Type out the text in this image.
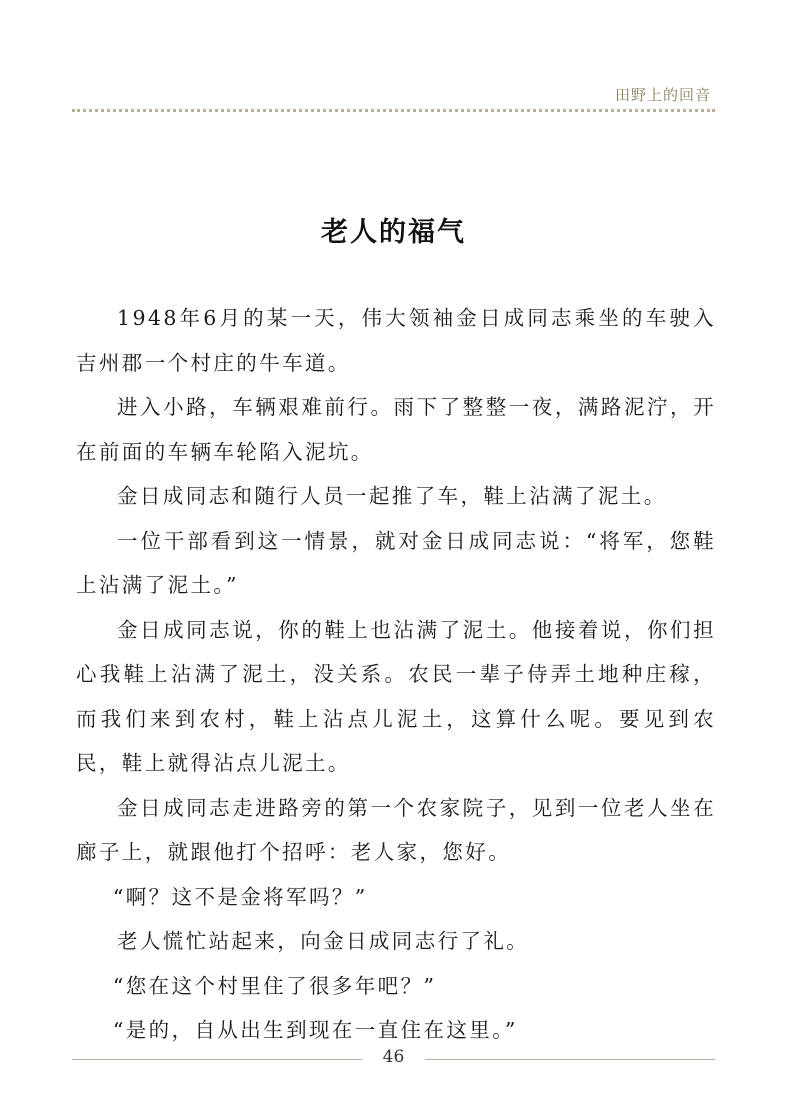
田野上的回音
老人的福气

1948年6月的某一天，伟大领袖金日成同志乘坐的车驶入吉州郡一个村庄的牛车道。

进入小路，车辆艰难前行。雨下了整整一夜，满路泥泞，开在前面的车辆车轮陷入泥坑。

金日成同志和随行人员一起推了车，鞋上沾满了泥土。

一位干部看到这一情景，就对金日成同志说：“将军，您鞋上沾满了泥土。”

金日成同志说，你的鞋上也沾满了泥土。他接着说，你们担心我鞋上沾满了泥土，没关系。农民一辈子侍弄土地种庄稼，而我们来到农村，鞋上沾点儿泥土，这算什么呢。要见到农民，鞋上就得沾点儿泥土。

金日成同志走进路旁的第一个农家院子，见到一位老人坐在廊子上，就跟他打个招呼：老人家，您好。

“啊？这不是金将军吗？”

老人慌忙站起来，向金日成同志行了礼。

“您在这个村里住了很多年吧？”

“是的，自从出生到现在一直住在这里。”

46
